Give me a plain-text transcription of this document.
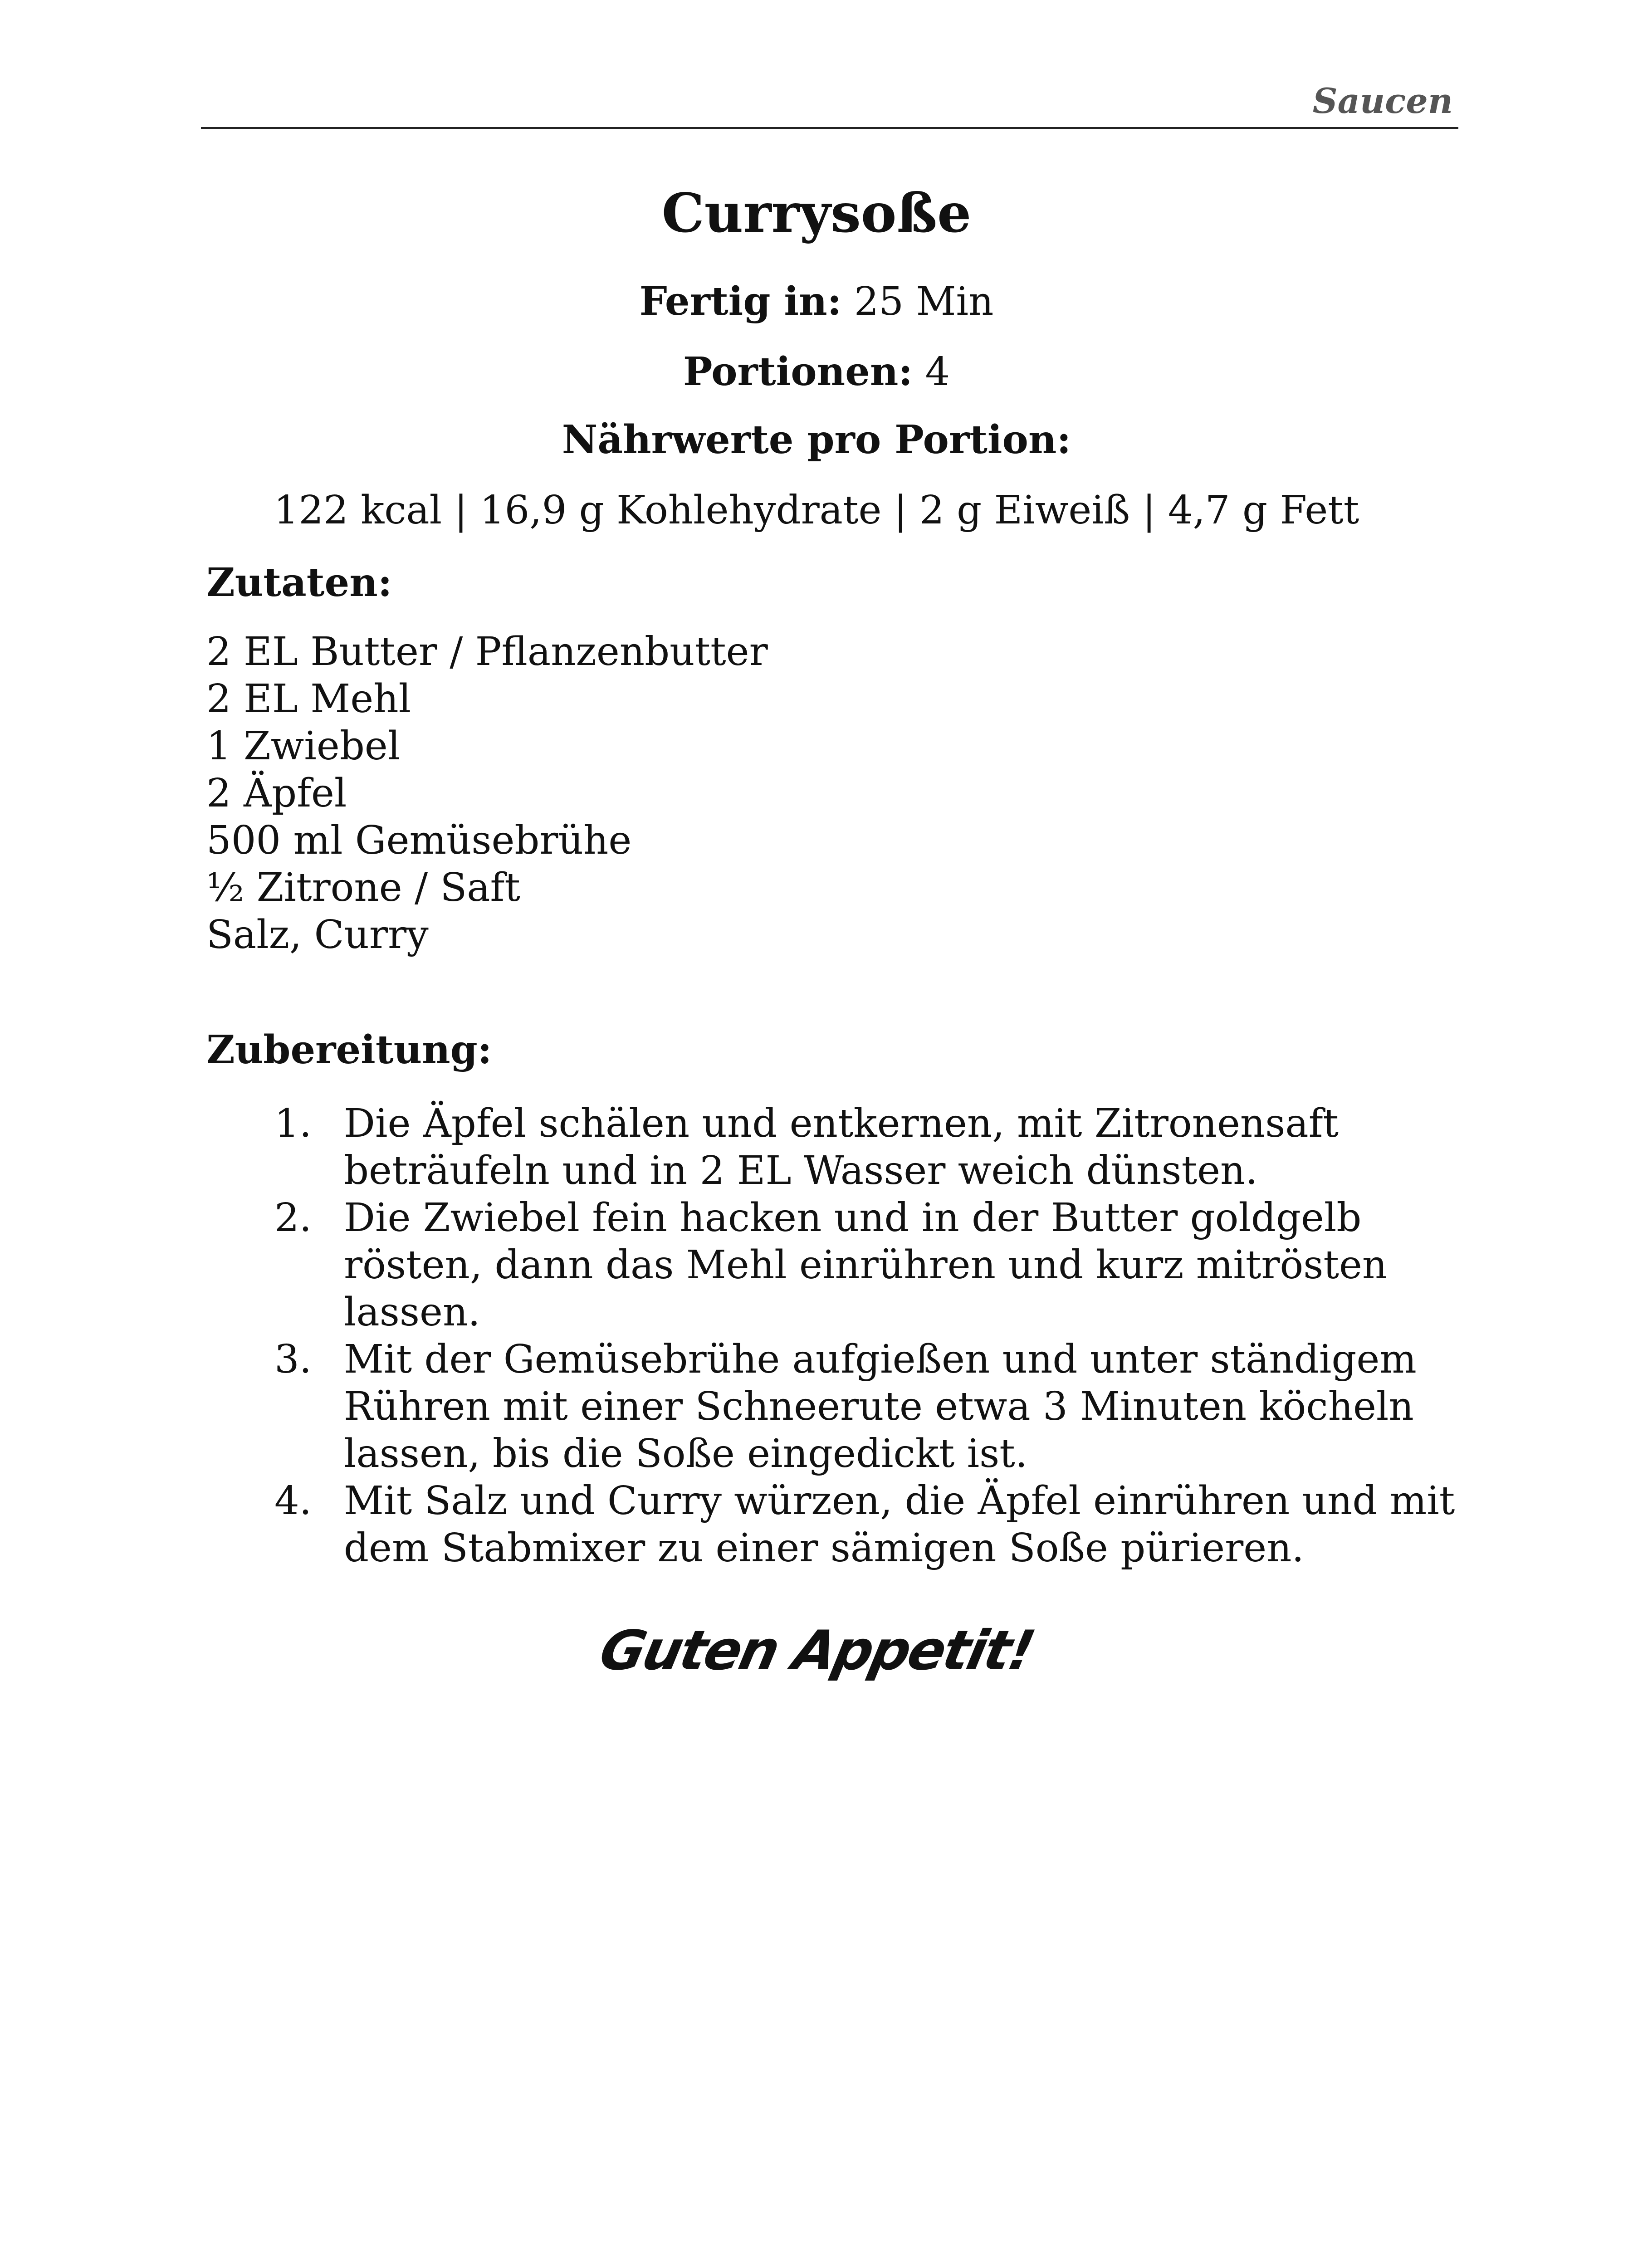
Saucen
Currysoße
Fertig in: 25 Min
Portionen: 4
Nährwerte pro Portion:
122 kcal | 16,9 g Kohlehydrate | 2 g Eiweiß | 4,7 g Fett
Zutaten:
2 EL Butter / Pflanzenbutter
2 EL Mehl
1 Zwiebel
2 Äpfel
500 ml Gemüsebrühe
½ Zitrone / Saft
Salz, Curry
Zubereitung:
1. Die Äpfel schälen und entkernen, mit Zitronensaft beträufeln und in 2 EL Wasser weich dünsten.
2. Die Zwiebel fein hacken und in der Butter goldgelb rösten, dann das Mehl einrühren und kurz mitrösten lassen.
3. Mit der Gemüsebrühe aufgießen und unter ständigem Rühren mit einer Schneerute etwa 3 Minuten köcheln lassen, bis die Soße eingedickt ist.
4. Mit Salz und Curry würzen, die Äpfel einrühren und mit dem Stabmixer zu einer sämigen Soße pürieren.
Guten Appetit!
